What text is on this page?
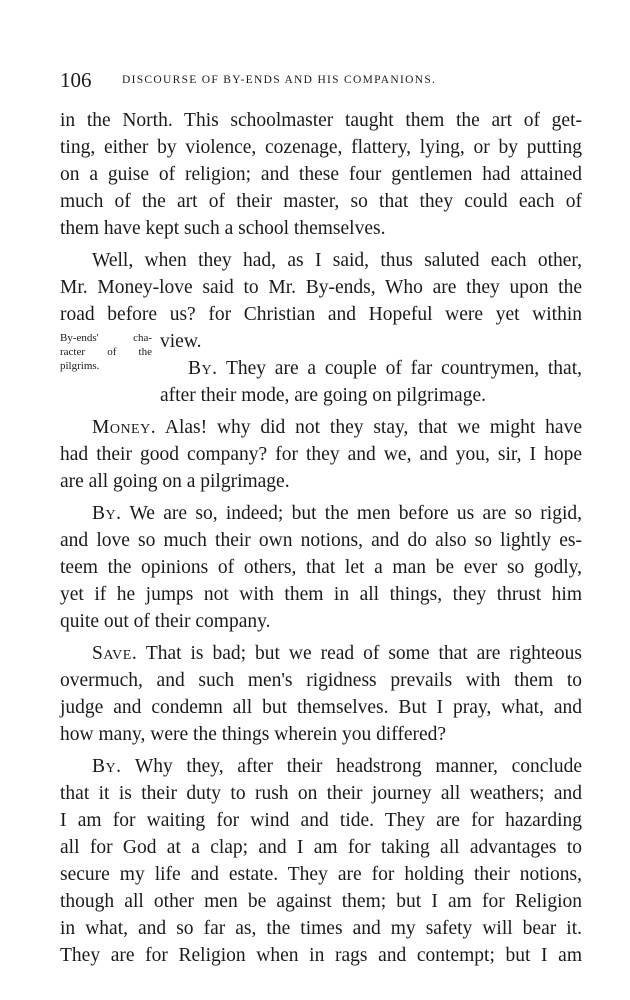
106	DISCOURSE OF BY-ENDS AND HIS COMPANIONS.
By-ends' cha-
racter of the
pilgrims.
in the North. This schoolmaster taught them the art of get-
ting, either by violence, cozenage, flattery, lying, or by putting
on a guise of religion; and these four gentlemen had attained
much of the art of their master, so that they could each of
them have kept such a school themselves.
Well, when they had, as I said, thus saluted each other,
Mr. Money-love said to Mr. By-ends, Who are they upon the
road before us? for Christian and Hopeful were yet within
view.
By. They are a couple of far countrymen, that,
after their mode, are going on pilgrimage.
Money. Alas! why did not they stay, that we might have
had their good company? for they and we, and you, sir, I hope
are all going on a pilgrimage.
By. We are so, indeed; but the men before us are so rigid,
and love so much their own notions, and do also so lightly es-
teem the opinions of others, that let a man be ever so godly,
yet if he jumps not with them in all things, they thrust him
quite out of their company.
Save. That is bad; but we read of some that are righteous
overmuch, and such men's rigidness prevails with them to
judge and condemn all but themselves. But I pray, what, and
how many, were the things wherein you differed?
By. Why they, after their headstrong manner, conclude
that it is their duty to rush on their journey all weathers; and
I am for waiting for wind and tide. They are for hazarding
all for God at a clap; and I am for taking all advantages to
secure my life and estate. They are for holding their notions,
though all other men be against them; but I am for Religion
in what, and so far as, the times and my safety will bear it.
They are for Religion when in rags and contempt; but I am
